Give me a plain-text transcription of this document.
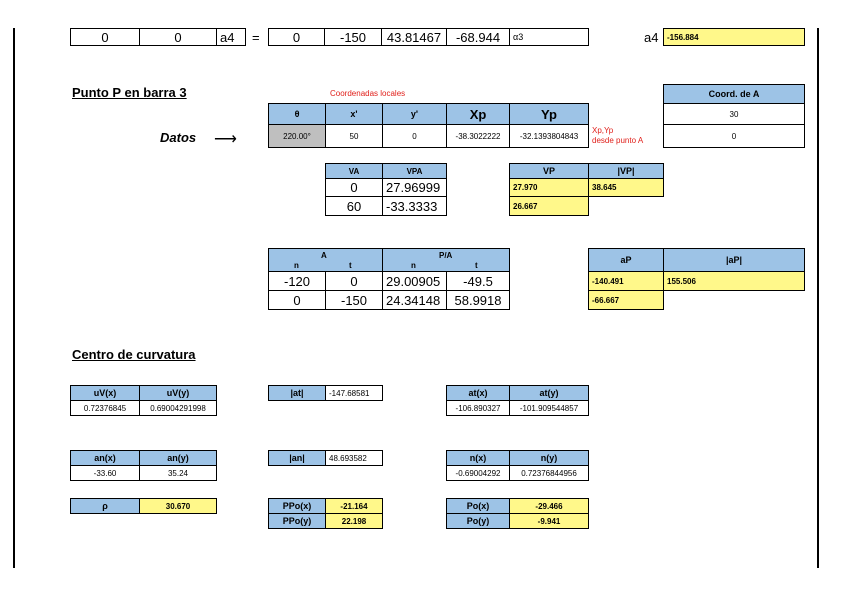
0	0	a4	=	0	-150	43.81467	-68.944	α3	a4	-156.884
Punto P en barra 3	Coordenadas locales
Datos ⟶
θ	x'	y'	Xp	Yp
220.00°	50	0	-38.3022222	-32.1393804843
Xp,Yp
desde punto A
Coord. de A
30
0
VA	VPA
0	27.96999
60	-33.3333
VP	|VP|
27.970	38.645
26.667
A
n	t
P/A
n	t
-120	0	29.00905	-49.5
0	-150	24.34148	58.9918
aP	|aP|
-140.491	155.506
-66.667
Centro de curvatura
uV(x)	uV(y)
0.72376845	0.69004291998
|at|	-147.68581	at(x)	at(y)
-106.890327	-101.909544857
an(x)	an(y)
-33.60	35.24
|an|	48.693582	n(x)	n(y)
-0.69004292	0.72376844956
ρ	30.670	PPo(x)	-21.164
PPo(y)	22.198
Po(x)	-29.466
Po(y)	-9.941
